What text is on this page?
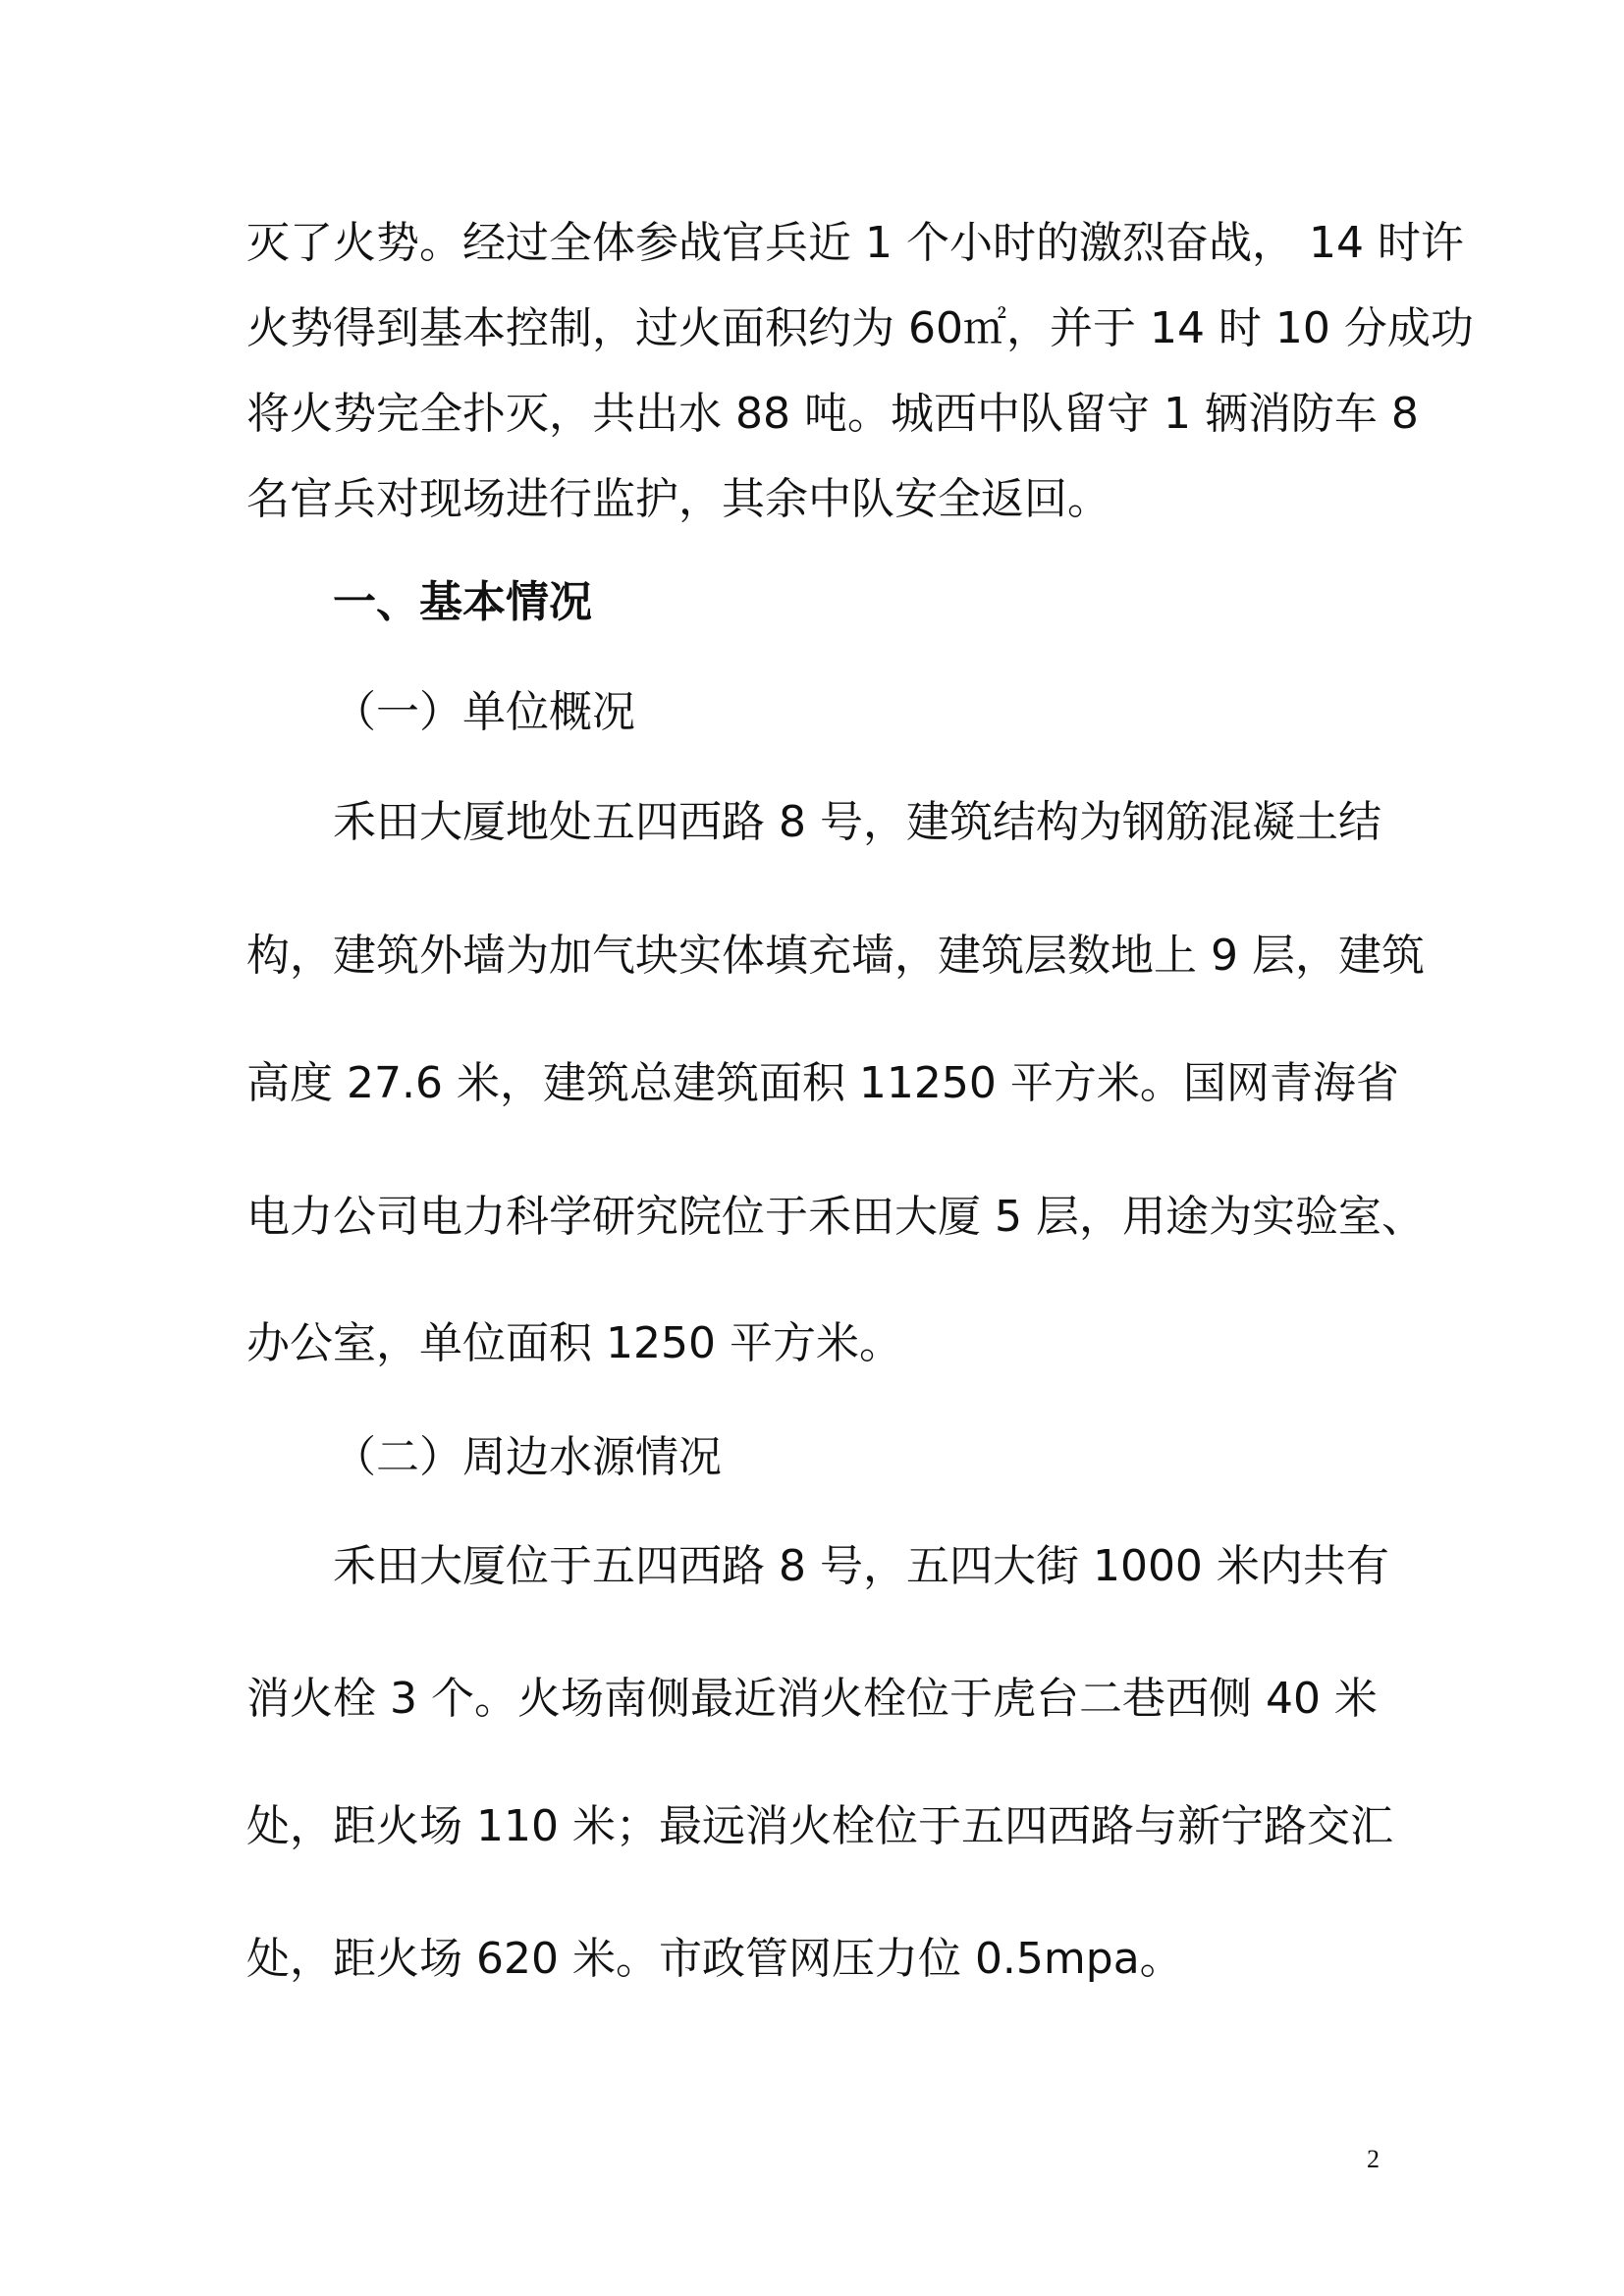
灭了火势。经过全体参战官兵近 1 个小时的激烈奋战， 14 时许
火势得到基本控制，过火面积约为 60㎡，并于 14 时 10 分成功
将火势完全扑灭，共出水 88 吨。城西中队留守 1 辆消防车 8
名官兵对现场进行监护，其余中队安全返回。
一、基本情况
（一）单位概况
禾田大厦地处五四西路 8 号，建筑结构为钢筋混凝土结
构，建筑外墙为加气块实体填充墙，建筑层数地上 9 层，建筑
高度 27.6 米，建筑总建筑面积 11250 平方米。国网青海省
电力公司电力科学研究院位于禾田大厦 5 层，用途为实验室、
办公室，单位面积 1250 平方米。
（二）周边水源情况
禾田大厦位于五四西路 8 号，五四大街 1000 米内共有
消火栓 3 个。火场南侧最近消火栓位于虎台二巷西侧 40 米
处，距火场 110 米；最远消火栓位于五四西路与新宁路交汇
处，距火场 620 米。市政管网压力位 0.5mpa。
2
